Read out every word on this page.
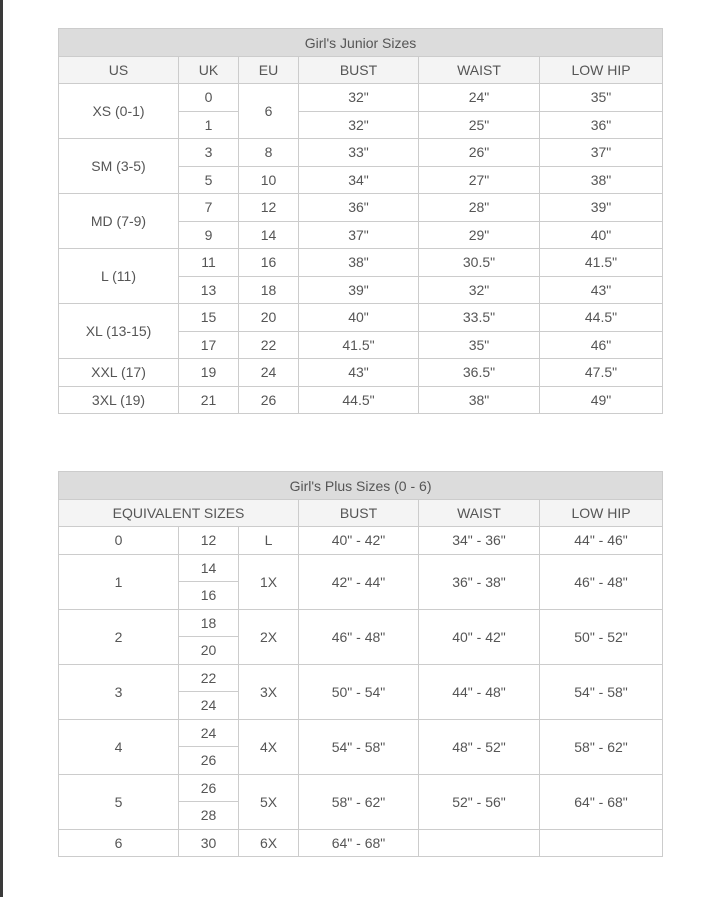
Girl's Junior Sizes					
US	UK	EU	BUST	WAIST	LOW HIP
XS (0-1)	0	6	32"	24"	35"
	1		32"	25"	36"
SM (3-5)	3	8	33"	26"	37"
	5	10	34"	27"	38"
MD (7-9)	7	12	36"	28"	39"
	9	14	37"	29"	40"
L (11)	11	16	38"	30.5"	41.5"
	13	18	39"	32"	43"
XL (13-15)	15	20	40"	33.5"	44.5"
	17	22	41.5"	35"	46"
XXL (17)	19	24	43"	36.5"	47.5"
3XL (19)	21	26	44.5"	38"	49"
Girl's Plus Sizes (0 - 6)					
EQUIVALENT SIZES			BUST	WAIST	LOW HIP
0	12	L	40" - 42"	34" - 36"	44" - 46"
1	14	1X	42" - 44"	36" - 38"	46" - 48"
	16				
2	18	2X	46" - 48"	40" - 42"	50" - 52"
	20				
3	22	3X	50" - 54"	44" - 48"	54" - 58"
	24				
4	24	4X	54" - 58"	48" - 52"	58" - 62"
	26				
5	26	5X	58" - 62"	52" - 56"	64" - 68"
	28				
6	30	6X	64" - 68"		
